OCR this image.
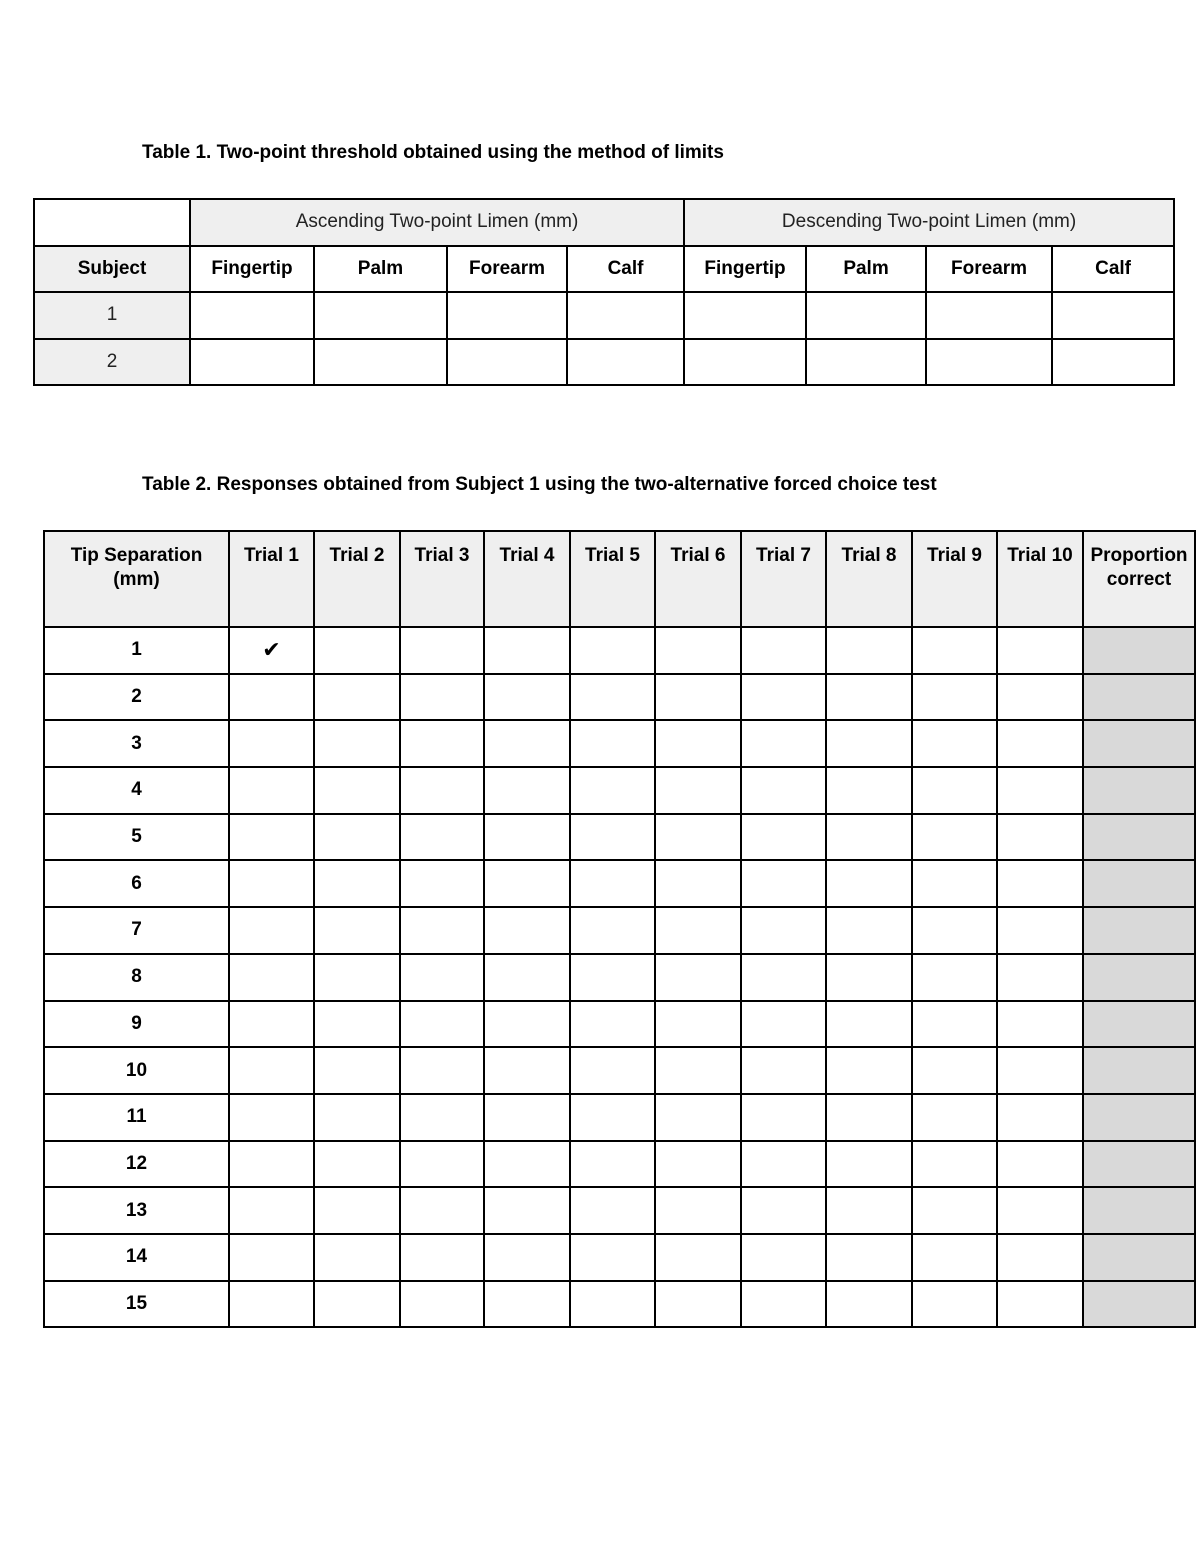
Table 1. Two-point threshold obtained using the method of limits
	Ascending Two-point Limen (mm)				Descending Two-point Limen (mm)			
Subject	Fingertip	Palm	Forearm	Calf	Fingertip	Palm	Forearm	Calf
1								
2								
Table 2. Responses obtained from Subject 1 using the two-alternative forced choice test
Tip Separation (mm)	Trial 1	Trial 2	Trial 3	Trial 4	Trial 5	Trial 6	Trial 7	Trial 8	Trial 9	Trial 10	Proportion correct
1	✔										
2											
3											
4											
5											
6											
7											
8											
9											
10											
11											
12											
13											
14											
15											
